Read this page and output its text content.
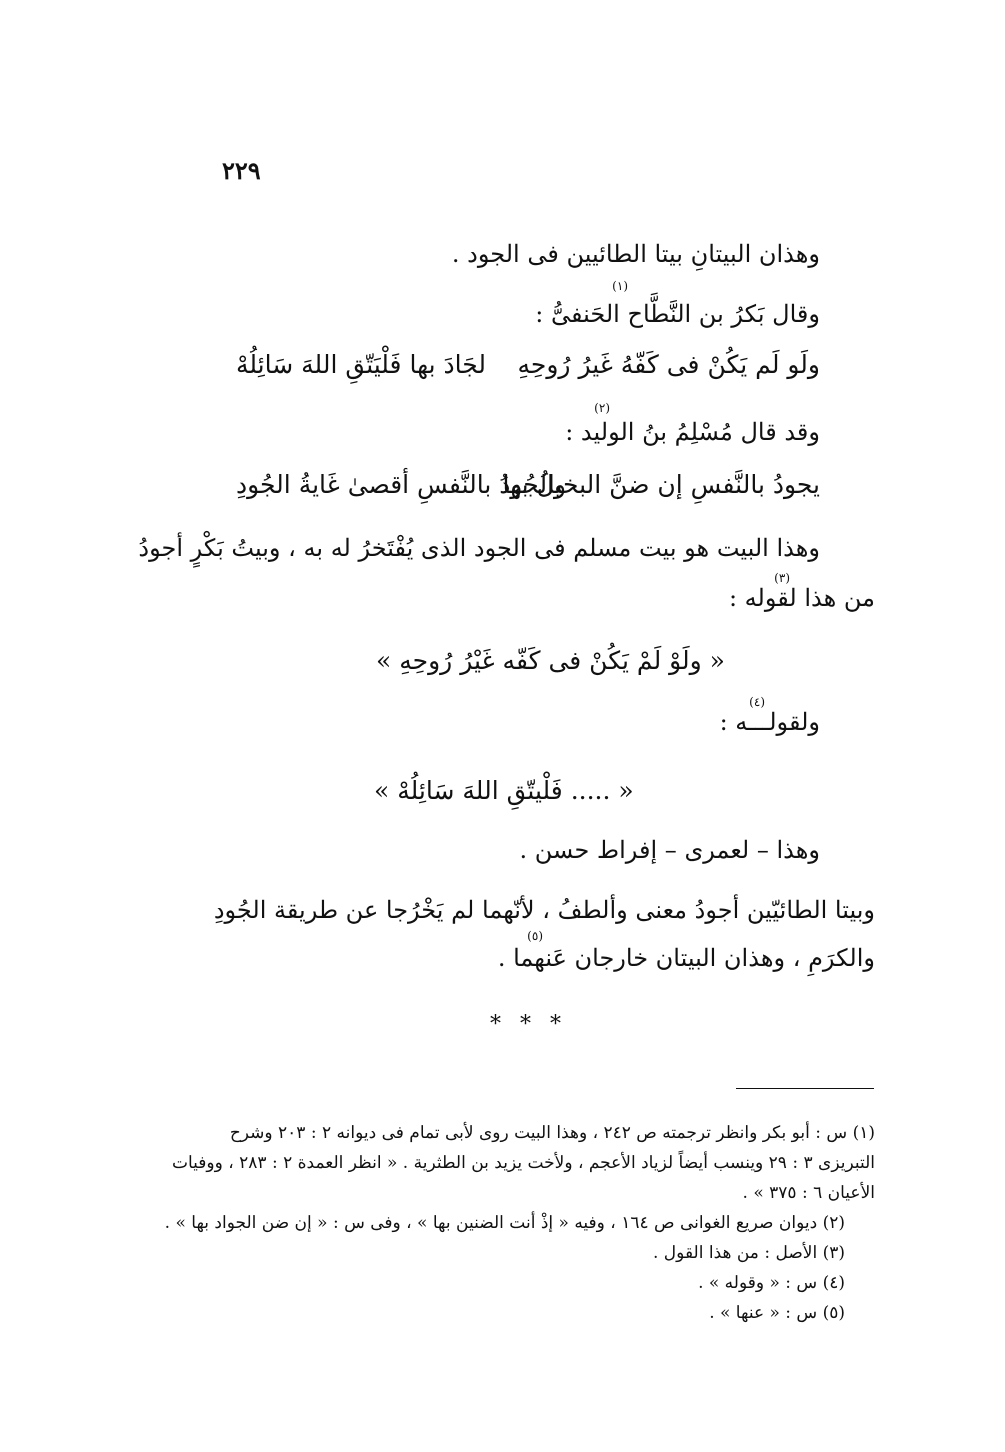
٢٢٩
وهذان البيتانِ بيتا الطائيين فى الجود .
وقال بَكرُ بن النَّطَّاح الحَنفىُّ :
(١)
ولَو لَم يَكُنْ فى كَفّهُ غَيرُ رُوحِهِ
لجَادَ بها فَلْيَتّقِ اللهَ سَائِلُهْ
(٢)
وقد قال مُسْلِمُ بنُ الوليد :
يجودُ بالنَّفسِ إن ضنَّ البخيلُ بها
والجُودُ بالنَّفسِ أقصىٰ غَايةُ الجُودِ
وهذا البيت هو بيت مسلم فى الجود الذى يُفْتَخرُ له به ، وبيتُ بَكْرٍ أجودُ
(٣)
من هذا لقوله :
« ولَوْ لَمْ يَكُنْ فى كَفّه غَيْرُ رُوحِهِ »
(٤)
ولقولـــه :
« ..... فَلْيتّقِ اللهَ سَائِلُهْ »
وهذا – لعمرى – إفراط حسن .
وبيتا الطائيّين أجودُ معنى وألطفُ ، لأنّهما لم يَخْرُجا عن طريقة الجُودِ
(٥)
والكرَمِ ، وهذان البيتان خارجان عَنهما .
* * *
(١) س : أبو بكر وانظر ترجمته ص ٢٤٢ ، وهذا البيت روى لأبى تمام فى ديوانه ٢ : ٢٠٣ وشرح
التبريزى ٣ : ٢٩ وينسب أيضاً لزياد الأعجم ، ولأخت يزيد بن الطثرية . « انظر العمدة ٢ : ٢٨٣ ، ووفيات
الأعيان ٦ : ٣٧٥ » .
(٢) ديوان صريع الغوانى ص ١٦٤ ، وفيه « إذْ أنت الضنين بها » ، وفى س : « إن ضن الجواد بها » .
(٣) الأصل : من هذا القول .
(٤) س : « وقوله » .
(٥) س : « عنها » .
